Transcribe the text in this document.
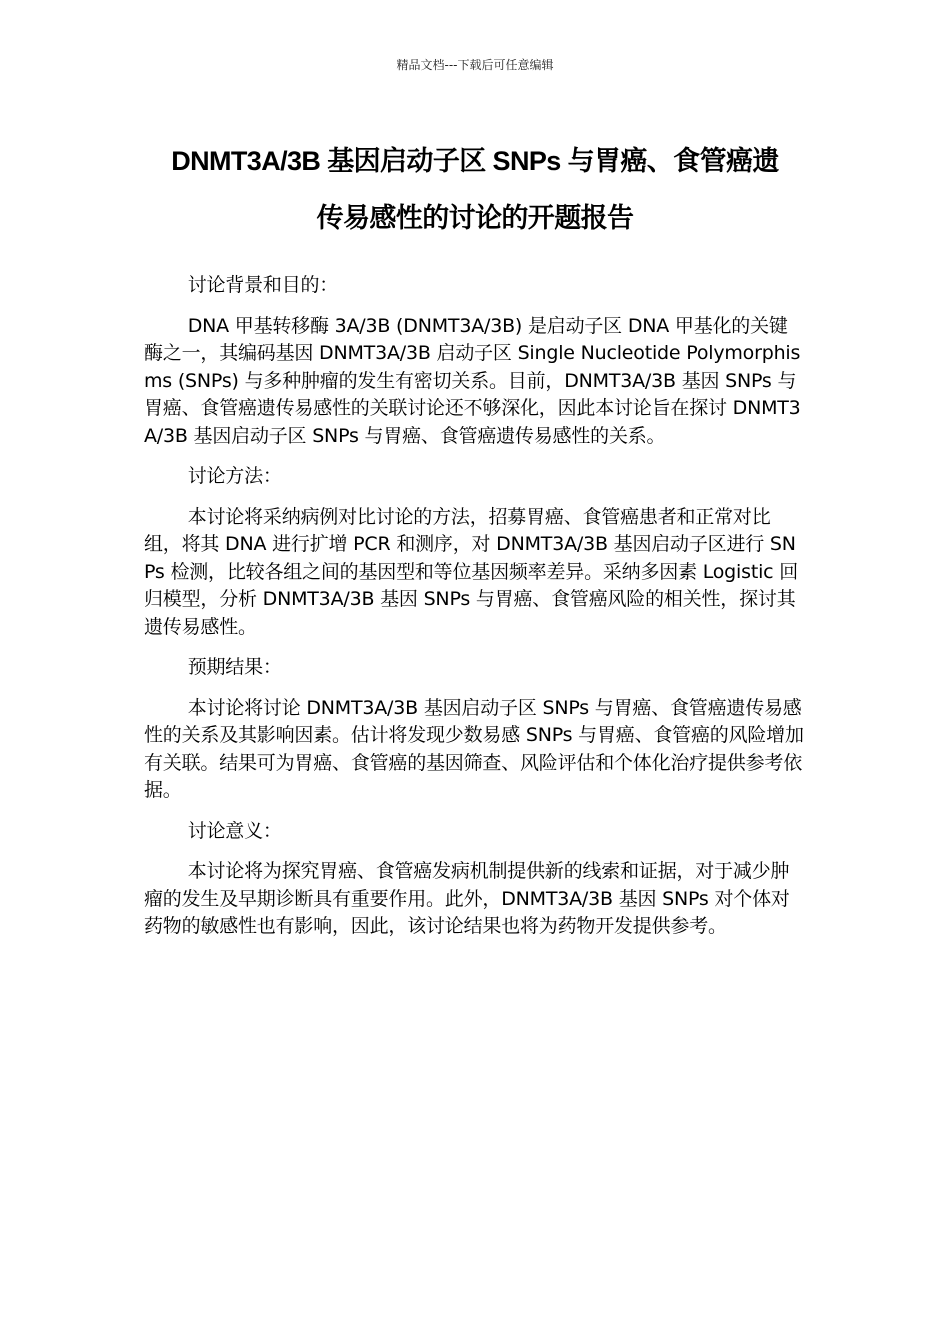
精品文档---下载后可任意编辑
DNMT3A/3B 基因启动子区 SNPs 与胃癌、食管癌遗
传易感性的讨论的开题报告

讨论背景和目的：

DNA 甲基转移酶 3A/3B (DNMT3A/3B) 是启动子区 DNA 甲基化的关键酶之一，其编码基因 DNMT3A/3B 启动子区 Single Nucleotide Polymorphisms (SNPs) 与多种肿瘤的发生有密切关系。目前，DNMT3A/3B 基因 SNPs 与胃癌、食管癌遗传易感性的关联讨论还不够深化，因此本讨论旨在探讨 DNMT3A/3B 基因启动子区 SNPs 与胃癌、食管癌遗传易感性的关系。

讨论方法：

本讨论将采纳病例对比讨论的方法，招募胃癌、食管癌患者和正常对比组，将其 DNA 进行扩增 PCR 和测序，对 DNMT3A/3B 基因启动子区进行 SNPs 检测，比较各组之间的基因型和等位基因频率差异。采纳多因素 Logistic 回归模型，分析 DNMT3A/3B 基因 SNPs 与胃癌、食管癌风险的相关性，探讨其遗传易感性。

预期结果：

本讨论将讨论 DNMT3A/3B 基因启动子区 SNPs 与胃癌、食管癌遗传易感性的关系及其影响因素。估计将发现少数易感 SNPs 与胃癌、食管癌的风险增加有关联。结果可为胃癌、食管癌的基因筛查、风险评估和个体化治疗提供参考依据。

讨论意义：

本讨论将为探究胃癌、食管癌发病机制提供新的线索和证据，对于减少肿瘤的发生及早期诊断具有重要作用。此外，DNMT3A/3B 基因 SNPs 对个体对药物的敏感性也有影响，因此，该讨论结果也将为药物开发提供参考。
